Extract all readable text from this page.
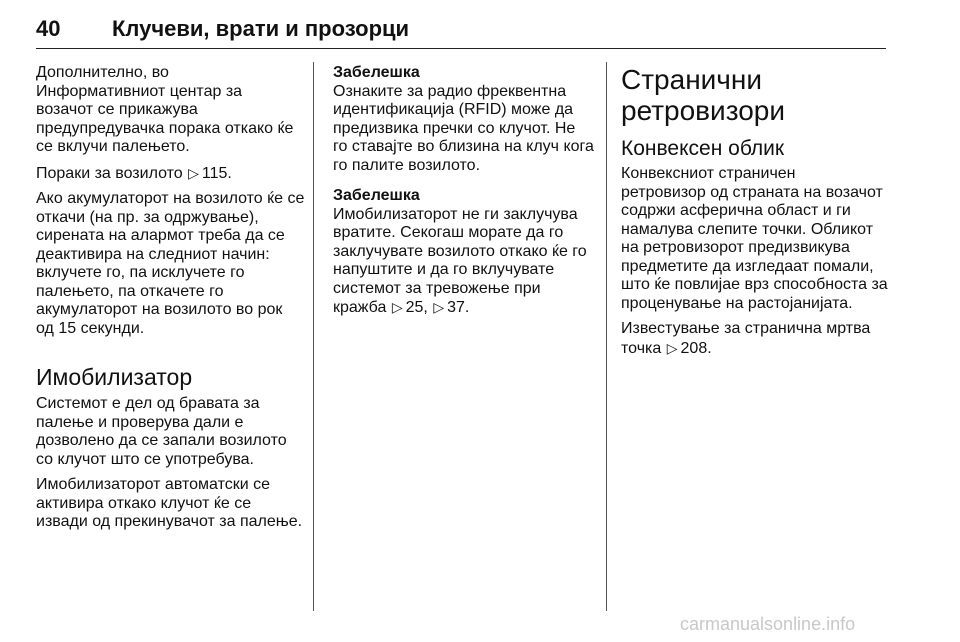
40 Клучеви, врати и прозорци

Дополнително, во
Информативниот центар за
возачот се прикажува
предупредувачка порака откако ќе
се вклучи палењето.

Пораки за возилото ▷ 115.

Ако акумулаторот на возилото ќе се
откачи (на пр. за одржување),
сирената на алармот треба да се
деактивира на следниот начин:
вклучете го, па исклучете го
палењето, па откачете го
акумулаторот на возилото во рок
од 15 секунди.

Имобилизатор

Системот е дел од бравата за
палење и проверува дали е
дозволено да се запали возилото
со клучот што се употребува.

Имобилизаторот автоматски се
активира откако клучот ќе се
извади од прекинувачот за палење.

Забелешка

Ознаките за радио фреквентна
идентификација (RFID) може да
предизвика пречки со клучот. Не
го ставајте во близина на клуч кога
го палите возилото.

Забелешка

Имобилизаторот не ги заклучува
вратите. Секогаш морате да го
заклучувате возилото откако ќе го
напуштите и да го вклучувате
системот за тревожење при
кражба ▷ 25, ▷ 37.

Странични
ретровизори
Конвексен облик

Конвексниот страничен
ретровизор од страната на возачот
содржи асферична област и ги
намалува слепите точки. Обликот
на ретровизорот предизвикува
предметите да изгледаат помали,
што ќе повлијае врз способноста за
проценување на растојанијата.

Известување за странична мртва
точка ▷ 208.

carmanualsonline.info
